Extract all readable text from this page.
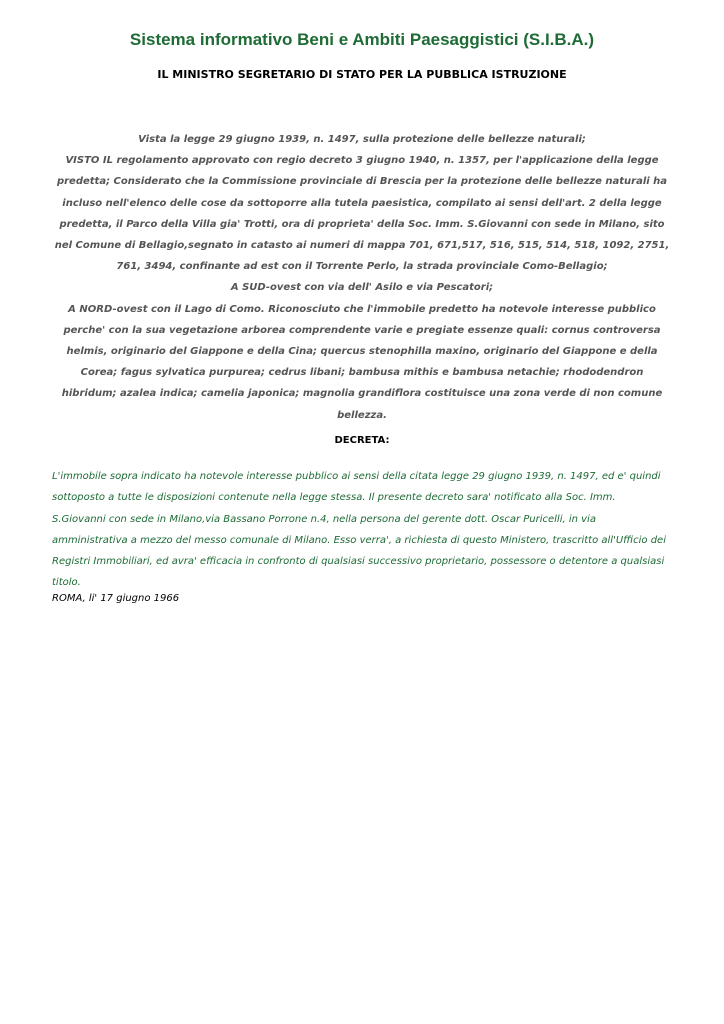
Sistema informativo Beni e Ambiti Paesaggistici (S.I.B.A.)
IL MINISTRO SEGRETARIO DI STATO PER LA PUBBLICA ISTRUZIONE

Vista la legge 29 giugno 1939, n. 1497, sulla protezione delle bellezze naturali;
VISTO IL regolamento approvato con regio decreto 3 giugno 1940, n. 1357, per l'applicazione della legge predetta; Considerato che la Commissione provinciale di Brescia per la protezione delle bellezze naturali ha incluso nell'elenco delle cose da sottoporre alla tutela paesistica, compilato ai sensi dell'art. 2 della legge predetta, il Parco della Villa gia' Trotti, ora di proprieta' della Soc. Imm. S.Giovanni con sede in Milano, sito nel Comune di Bellagio,segnato in catasto ai numeri di mappa 701, 671,517, 516, 515, 514, 518, 1092, 2751, 761, 3494, confinante ad est con il Torrente Perlo, la strada provinciale Como-Bellagio;
A SUD-ovest con via dell' Asilo e via Pescatori;
A NORD-ovest con il Lago di Como. Riconosciuto che l'immobile predetto ha notevole interesse pubblico perche' con la sua vegetazione arborea comprendente varie e pregiate essenze quali: cornus controversa helmis, originario del Giappone e della Cina; quercus stenophilla maxino, originario del Giappone e della Corea; fagus sylvatica purpurea; cedrus libani; bambusa mithis e bambusa netachie; rhododendron hibridum; azalea indica; camelia japonica; magnolia grandiflora costituisce una zona verde di non comune bellezza.

DECRETA:

L'immobile sopra indicato ha notevole interesse pubblico ai sensi della citata legge 29 giugno 1939, n. 1497, ed e' quindi sottoposto a tutte le disposizioni contenute nella legge stessa. Il presente decreto sara' notificato alla Soc. Imm. S.Giovanni con sede in Milano,via Bassano Porrone n.4, nella persona del gerente dott. Oscar Puricelli, in via amministrativa a mezzo del messo comunale di Milano. Esso verra', a richiesta di questo Ministero, trascritto all'Ufficio dei Registri Immobiliari, ed avra' efficacia in confronto di qualsiasi successivo proprietario, possessore o detentore a qualsiasi titolo.

ROMA, li' 17 giugno 1966
